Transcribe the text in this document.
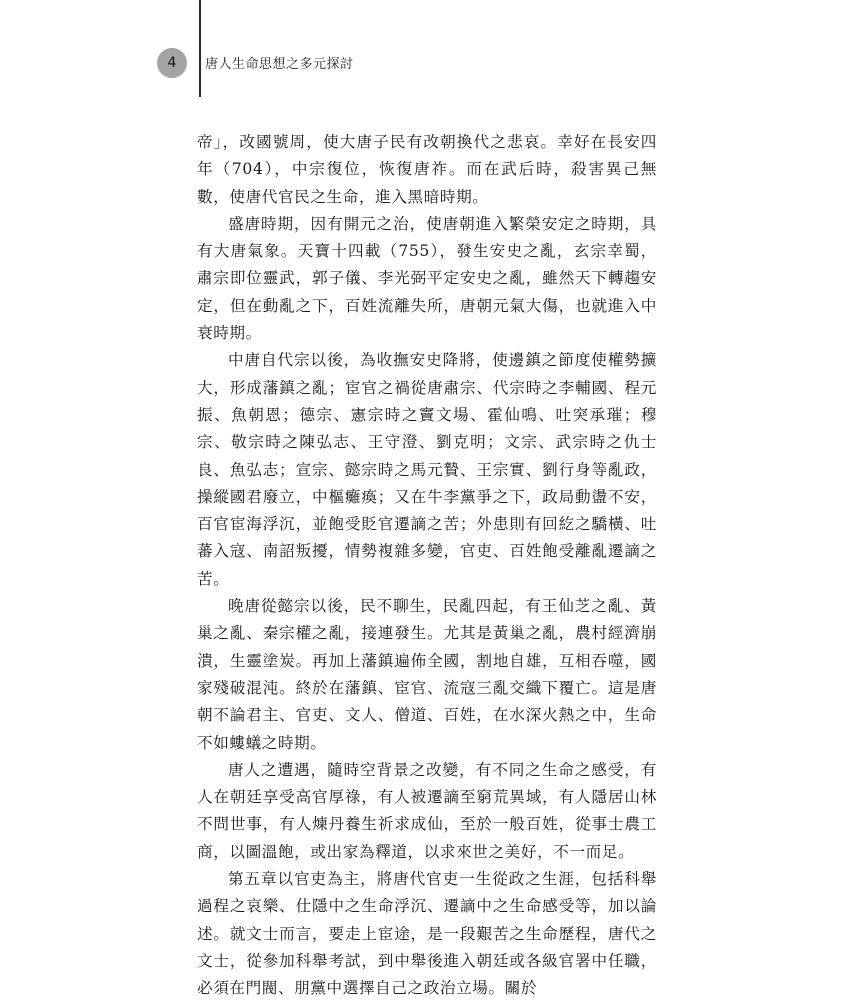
4	唐人生命思想之多元探討

帝」，改國號周，使大唐子民有改朝換代之悲哀。幸好在長安四年（704），中宗復位，恢復唐祚。而在武后時，殺害異己無數，使唐代官民之生命，進入黑暗時期。

盛唐時期，因有開元之治，使唐朝進入繁榮安定之時期，具有大唐氣象。天寶十四載（755），發生安史之亂，玄宗幸蜀，肅宗即位靈武，郭子儀、李光弼平定安史之亂，雖然天下轉趨安定，但在動亂之下，百姓流離失所，唐朝元氣大傷，也就進入中衰時期。

中唐自代宗以後，為收撫安史降將，使邊鎮之節度使權勢擴大，形成藩鎮之亂；宦官之禍從唐肅宗、代宗時之李輔國、程元振、魚朝恩；德宗、憲宗時之竇文場、霍仙鳴、吐突承璀；穆宗、敬宗時之陳弘志、王守澄、劉克明；文宗、武宗時之仇士良、魚弘志；宣宗、懿宗時之馬元贄、王宗實、劉行身等亂政，操縱國君廢立，中樞癱瘓；又在牛李黨爭之下，政局動盪不安，百官宦海浮沉，並飽受貶官遷謫之苦；外患則有回紇之驕橫、吐蕃入寇、南詔叛擾，情勢複雜多變，官吏、百姓飽受離亂遷謫之苦。

晚唐從懿宗以後，民不聊生，民亂四起，有王仙芝之亂、黃巢之亂、秦宗權之亂，接連發生。尤其是黃巢之亂，農村經濟崩潰，生靈塗炭。再加上藩鎮遍佈全國，割地自雄，互相吞噬，國家殘破混沌。終於在藩鎮、宦官、流寇三亂交織下覆亡。這是唐朝不論君主、官吏、文人、僧道、百姓，在水深火熱之中，生命不如螻蟻之時期。

唐人之遭遇，隨時空背景之改變，有不同之生命之感受，有人在朝廷享受高官厚祿，有人被遷謫至窮荒異域，有人隱居山林不問世事，有人煉丹養生祈求成仙，至於一般百姓，從事士農工商，以圖溫飽，或出家為釋道，以求來世之美好，不一而足。

第五章以官吏為主，將唐代官吏一生從政之生涯，包括科舉過程之哀樂、仕隱中之生命浮沉、遷謫中之生命感受等，加以論述。就文士而言，要走上宦途，是一段艱苦之生命歷程，唐代之文士，從參加科舉考試，到中舉後進入朝廷或各級官署中任職，必須在門閥、朋黨中選擇自己之政治立場。關於
